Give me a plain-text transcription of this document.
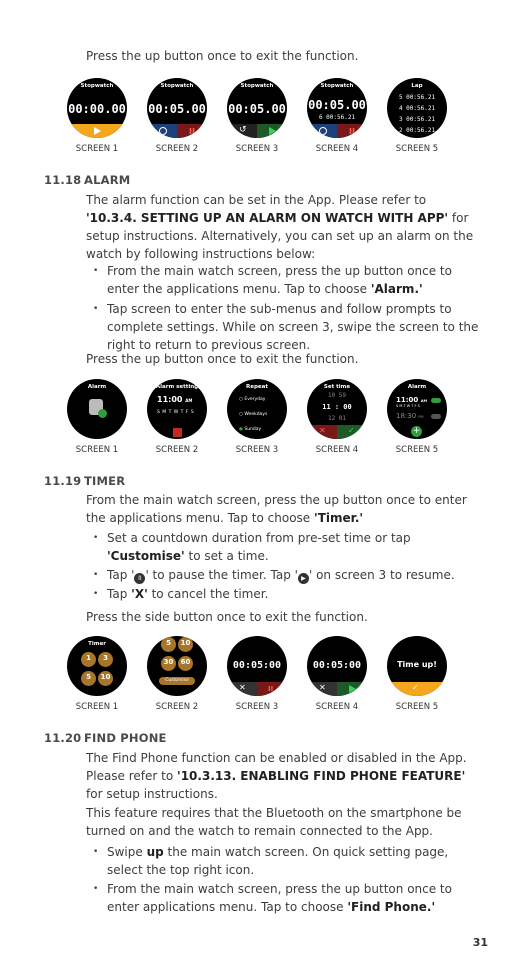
Press the up button once to exit the function.
Stopwatch
00:00.00
Stopwatch
00:05.00
II
Stopwatch
00:05.00
↺
Stopwatch
00:05.00
6 00:56.21
II
Lap
5 00:56.21
4 00:56.21
3 00:56.21
2 00:56.21
SCREEN 1	SCREEN 2	SCREEN 3	SCREEN 4	SCREEN 5
11.18 ALARM
The alarm function can be set in the App. Please refer to
'10.3.4. SETTING UP AN ALARM ON WATCH WITH APP' for setup instructions. Alternatively, you can set up an alarm on the watch by following instructions below:
• From the main watch screen, press the up button once to enter the applications menu. Tap to choose 'Alarm.'
• Tap screen to enter the sub-menus and follow prompts to complete settings. While on screen 3, swipe the screen to the right to return to previous screen.
Press the up button once to exit the function.
Alarm	Alarm setting
11:00 AM
S M T W T F S
Repeat
○ Everyday
○ Weekdays
● Sunday
Set time
10 59
11 : 00
12 01
✕	✓
Alarm
11:00 AM
S M T W T F S
18:30 PM
+
SCREEN 1	SCREEN 2	SCREEN 3	SCREEN 4	SCREEN 5
11.19 TIMER
From the main watch screen, press the up button once to enter the applications menu. Tap to choose 'Timer.'
• Set a countdown duration from pre-set time or tap 'Customise' to set a time.
• Tap ' II ' to pause the timer. Tap ' ▶ ' on screen 3 to resume.
• Tap 'X' to cancel the timer.
Press the side button once to exit the function.
Timer
1	3
5	10
5	10
30	60
Customise
00:05:00
✕	II
00:05:00
✕
Time up!
✓
SCREEN 1	SCREEN 2	SCREEN 3	SCREEN 4	SCREEN 5
11.20 FIND PHONE
The Find Phone function can be enabled or disabled in the App. Please refer to '10.3.13. ENABLING FIND PHONE FEATURE' for setup instructions.
This feature requires that the Bluetooth on the smartphone be turned on and the watch to remain connected to the App.
• Swipe up the main watch screen. On quick setting page, select the top right icon.
• From the main watch screen, press the up button once to enter applications menu. Tap to choose 'Find Phone.'
31
